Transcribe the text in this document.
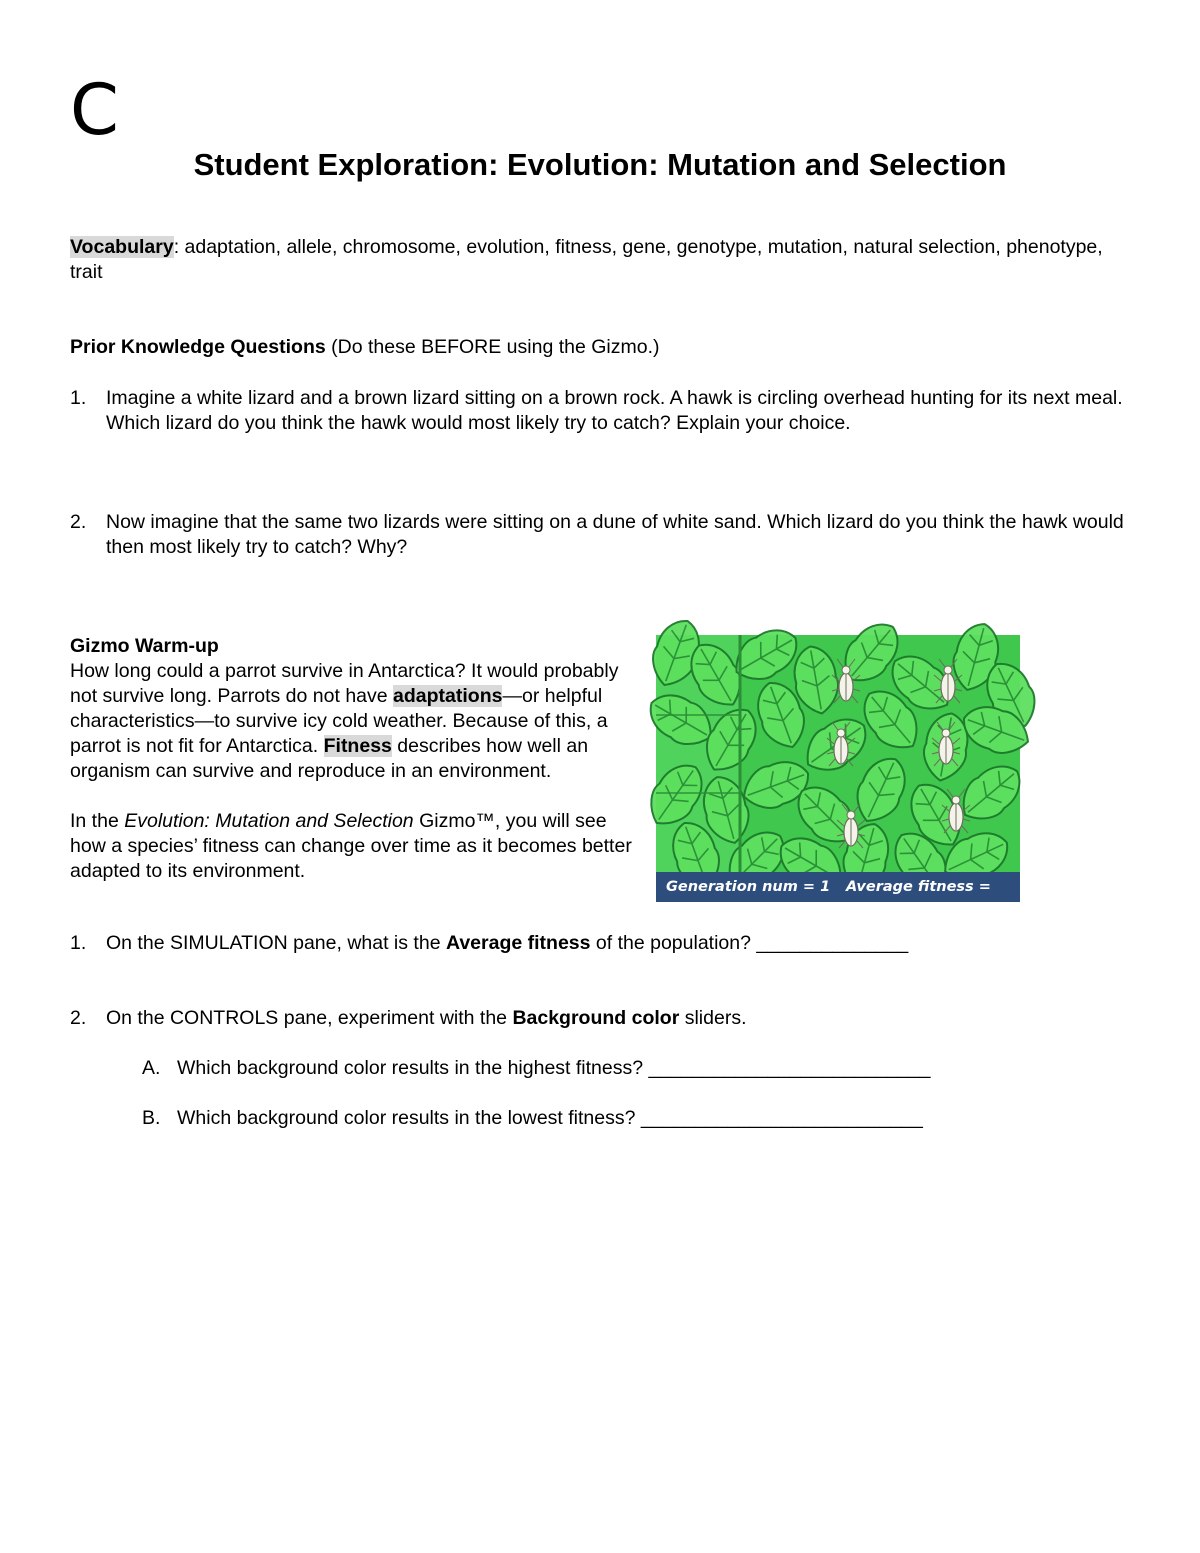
C
Student Exploration: Evolution: Mutation and Selection
Vocabulary: adaptation, allele, chromosome, evolution, fitness, gene, genotype, mutation, natural selection, phenotype, trait
Prior Knowledge Questions (Do these BEFORE using the Gizmo.)
1. Imagine a white lizard and a brown lizard sitting on a brown rock. A hawk is circling overhead hunting for its next meal. Which lizard do you think the hawk would most likely try to catch? Explain your choice.
2. Now imagine that the same two lizards were sitting on a dune of white sand. Which lizard do you think the hawk would then most likely try to catch? Why?
Gizmo Warm-up
How long could a parrot survive in Antarctica? It would probably not survive long. Parrots do not have adaptations—or helpful characteristics—to survive icy cold weather. Because of this, a parrot is not fit for Antarctica. Fitness describes how well an organism can survive and reproduce in an environment.
In the Evolution: Mutation and Selection Gizmo™, you will see how a species’ fitness can change over time as it becomes better adapted to its environment.
Generation num = 1 Average fitness = 50%
1. On the SIMULATION pane, what is the Average fitness of the population? ______________
2. On the CONTROLS pane, experiment with the Background color sliders.
A. Which background color results in the highest fitness? __________________________
B. Which background color results in the lowest fitness? __________________________
